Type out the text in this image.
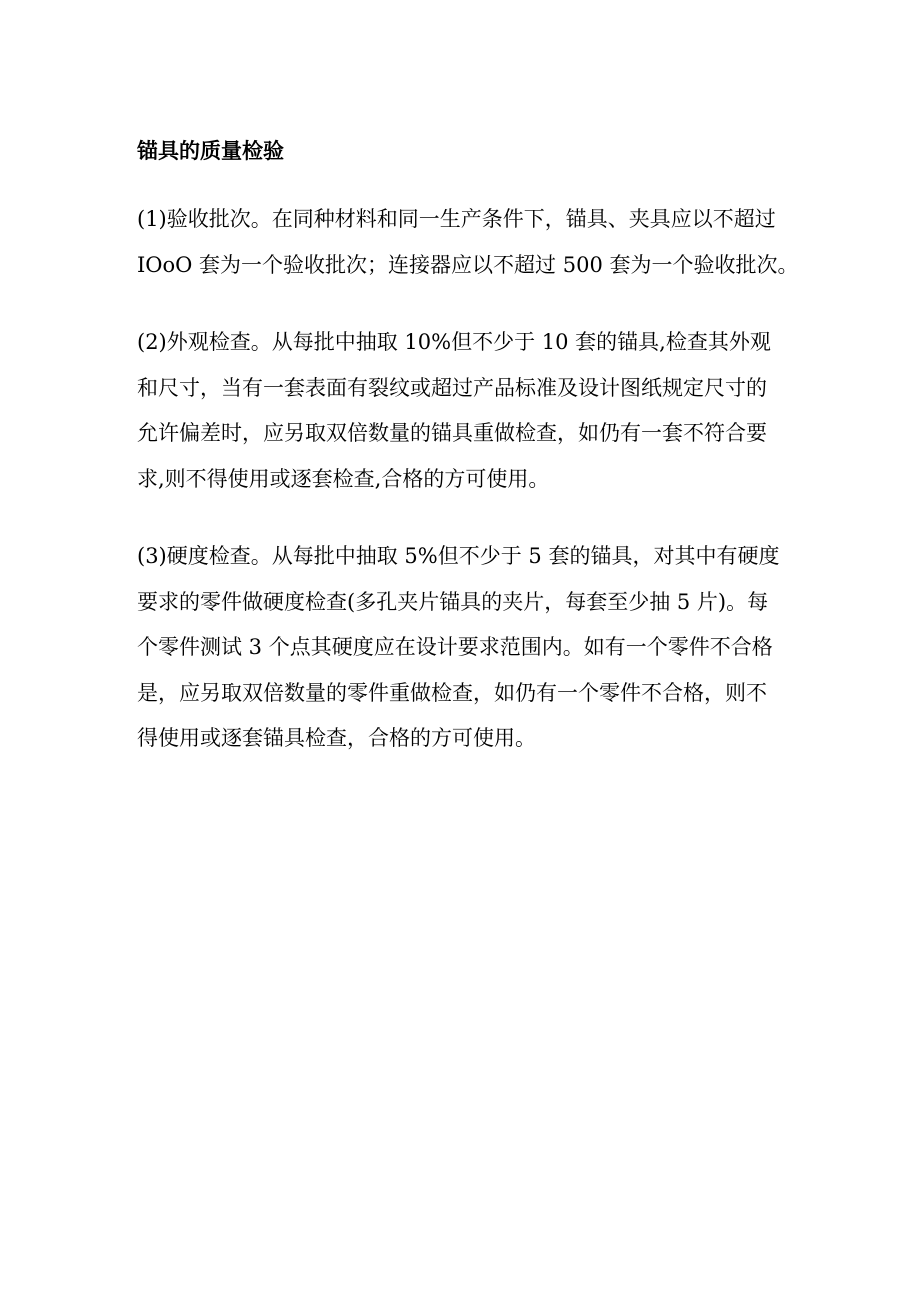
锚具的质量检验

(1)验收批次。在同种材料和同一生产条件下，锚具、夹具应以不超过
IOoO 套为一个验收批次；连接器应以不超过 500 套为一个验收批次。

(2)外观检查。从每批中抽取 10%但不少于 10 套的锚具,检查其外观
和尺寸，当有一套表面有裂纹或超过产品标准及设计图纸规定尺寸的
允许偏差时，应另取双倍数量的锚具重做检查，如仍有一套不符合要
求,则不得使用或逐套检查,合格的方可使用。

(3)硬度检查。从每批中抽取 5%但不少于 5 套的锚具，对其中有硬度
要求的零件做硬度检查(多孔夹片锚具的夹片，每套至少抽 5 片)。每
个零件测试 3 个点其硬度应在设计要求范围内。如有一个零件不合格
是，应另取双倍数量的零件重做检查，如仍有一个零件不合格，则不
得使用或逐套锚具检查，合格的方可使用。
